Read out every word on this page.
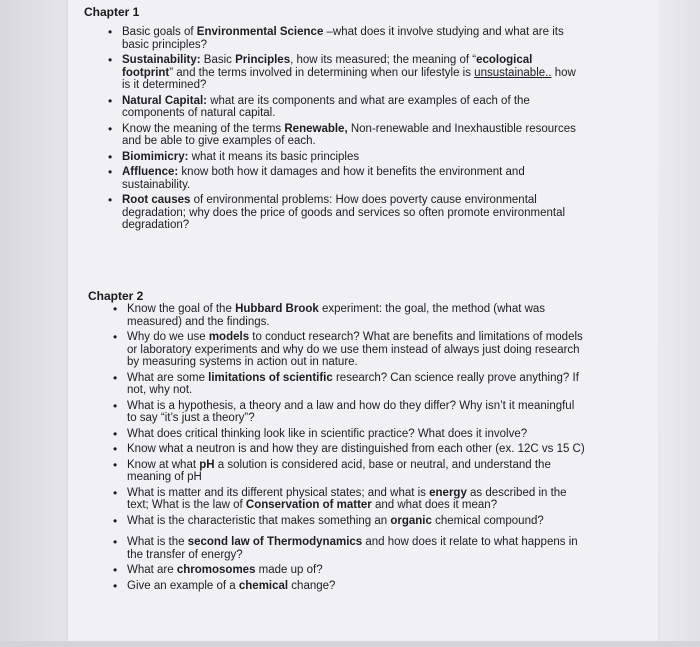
Chapter 1
• Basic goals of Environmental Science –what does it involve studying and what are its basic principles?
• Sustainability: Basic Principles, how its measured; the meaning of “ecological footprint” and the terms involved in determining when our lifestyle is unsustainable.. how is it determined?
• Natural Capital: what are its components and what are examples of each of the components of natural capital.
• Know the meaning of the terms Renewable, Non-renewable and Inexhaustible resources and be able to give examples of each.
• Biomimicry: what it means its basic principles
• Affluence: know both how it damages and how it benefits the environment and sustainability.
• Root causes of environmental problems: How does poverty cause environmental degradation; why does the price of goods and services so often promote environmental degradation?
Chapter 2
• Know the goal of the Hubbard Brook experiment: the goal, the method (what was measured) and the findings.
• Why do we use models to conduct research? What are benefits and limitations of models or laboratory experiments and why do we use them instead of always just doing research by measuring systems in action out in nature.
• What are some limitations of scientific research? Can science really prove anything? If not, why not.
• What is a hypothesis, a theory and a law and how do they differ? Why isn’t it meaningful to say “it’s just a theory”?
• What does critical thinking look like in scientific practice? What does it involve?
• Know what a neutron is and how they are distinguished from each other (ex. 12C vs 15 C)
• Know at what pH a solution is considered acid, base or neutral, and understand the meaning of pH
• What is matter and its different physical states; and what is energy as described in the text; What is the law of Conservation of matter and what does it mean?
• What is the characteristic that makes something an organic chemical compound?
• What is the second law of Thermodynamics and how does it relate to what happens in the transfer of energy?
• What are chromosomes made up of?
• Give an example of a chemical change?
